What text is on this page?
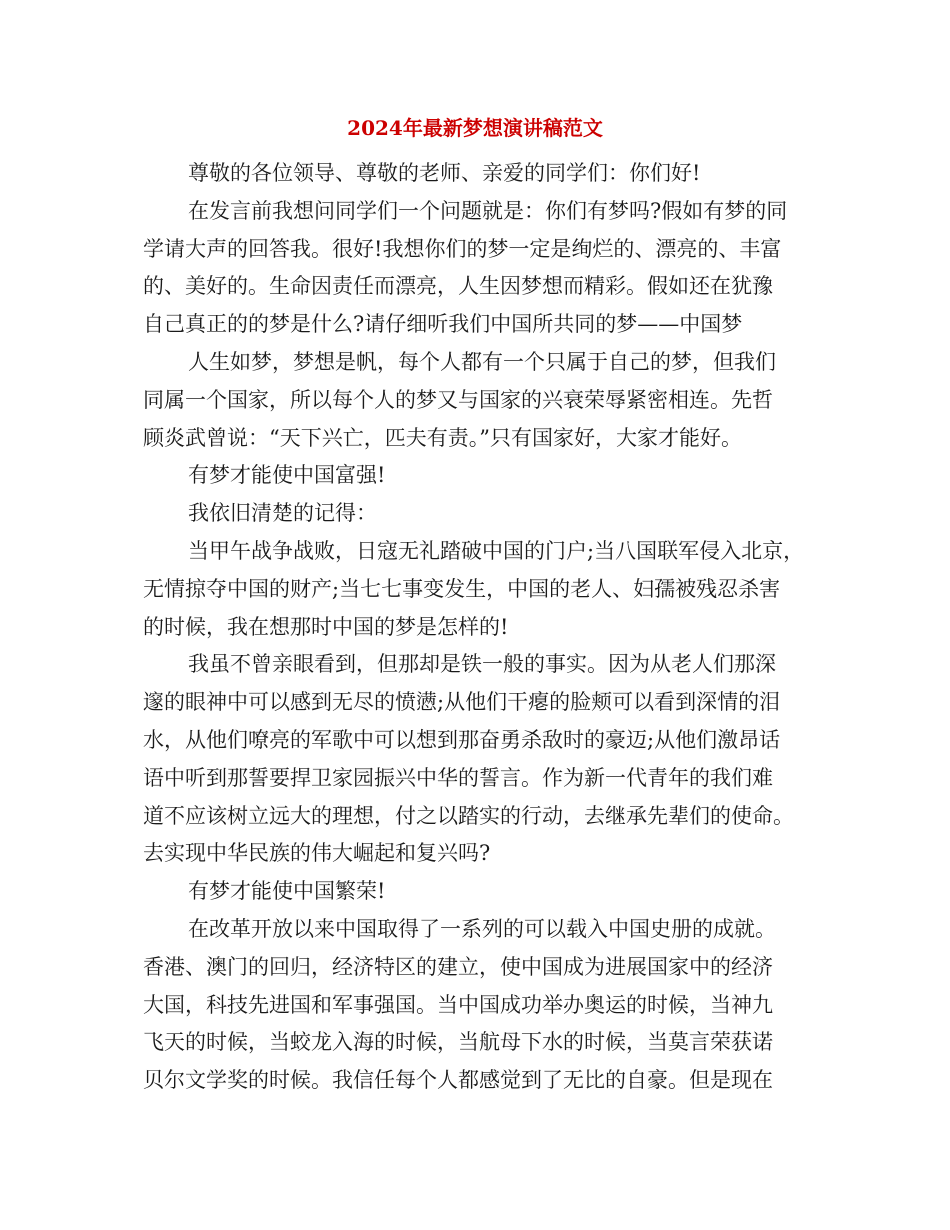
2024年最新梦想演讲稿范文
尊敬的各位领导、尊敬的老师、亲爱的同学们：你们好!
在发言前我想问同学们一个问题就是：你们有梦吗?假如有梦的同
学请大声的回答我。很好!我想你们的梦一定是绚烂的、漂亮的、丰富
的、美好的。生命因责任而漂亮，人生因梦想而精彩。假如还在犹豫
自己真正的的梦是什么?请仔细听我们中国所共同的梦——中国梦
人生如梦，梦想是帆，每个人都有一个只属于自己的梦，但我们
同属一个国家，所以每个人的梦又与国家的兴衰荣辱紧密相连。先哲
顾炎武曾说：“天下兴亡，匹夫有责。”只有国家好，大家才能好。
有梦才能使中国富强!
我依旧清楚的记得：
当甲午战争战败，日寇无礼踏破中国的门户;当八国联军侵入北京，
无情掠夺中国的财产;当七七事变发生，中国的老人、妇孺被残忍杀害
的时候，我在想那时中国的梦是怎样的!
我虽不曾亲眼看到，但那却是铁一般的事实。因为从老人们那深
邃的眼神中可以感到无尽的愤懑;从他们干瘪的脸颊可以看到深情的泪
水，从他们嘹亮的军歌中可以想到那奋勇杀敌时的豪迈;从他们激昂话
语中听到那誓要捍卫家园振兴中华的誓言。作为新一代青年的我们难
道不应该树立远大的理想，付之以踏实的行动，去继承先辈们的使命。
去实现中华民族的伟大崛起和复兴吗?
有梦才能使中国繁荣!
在改革开放以来中国取得了一系列的可以载入中国史册的成就。
香港、澳门的回归，经济特区的建立，使中国成为进展国家中的经济
大国，科技先进国和军事强国。当中国成功举办奥运的时候，当神九
飞天的时候，当蛟龙入海的时候，当航母下水的时候，当莫言荣获诺
贝尔文学奖的时候。我信任每个人都感觉到了无比的自豪。但是现在
